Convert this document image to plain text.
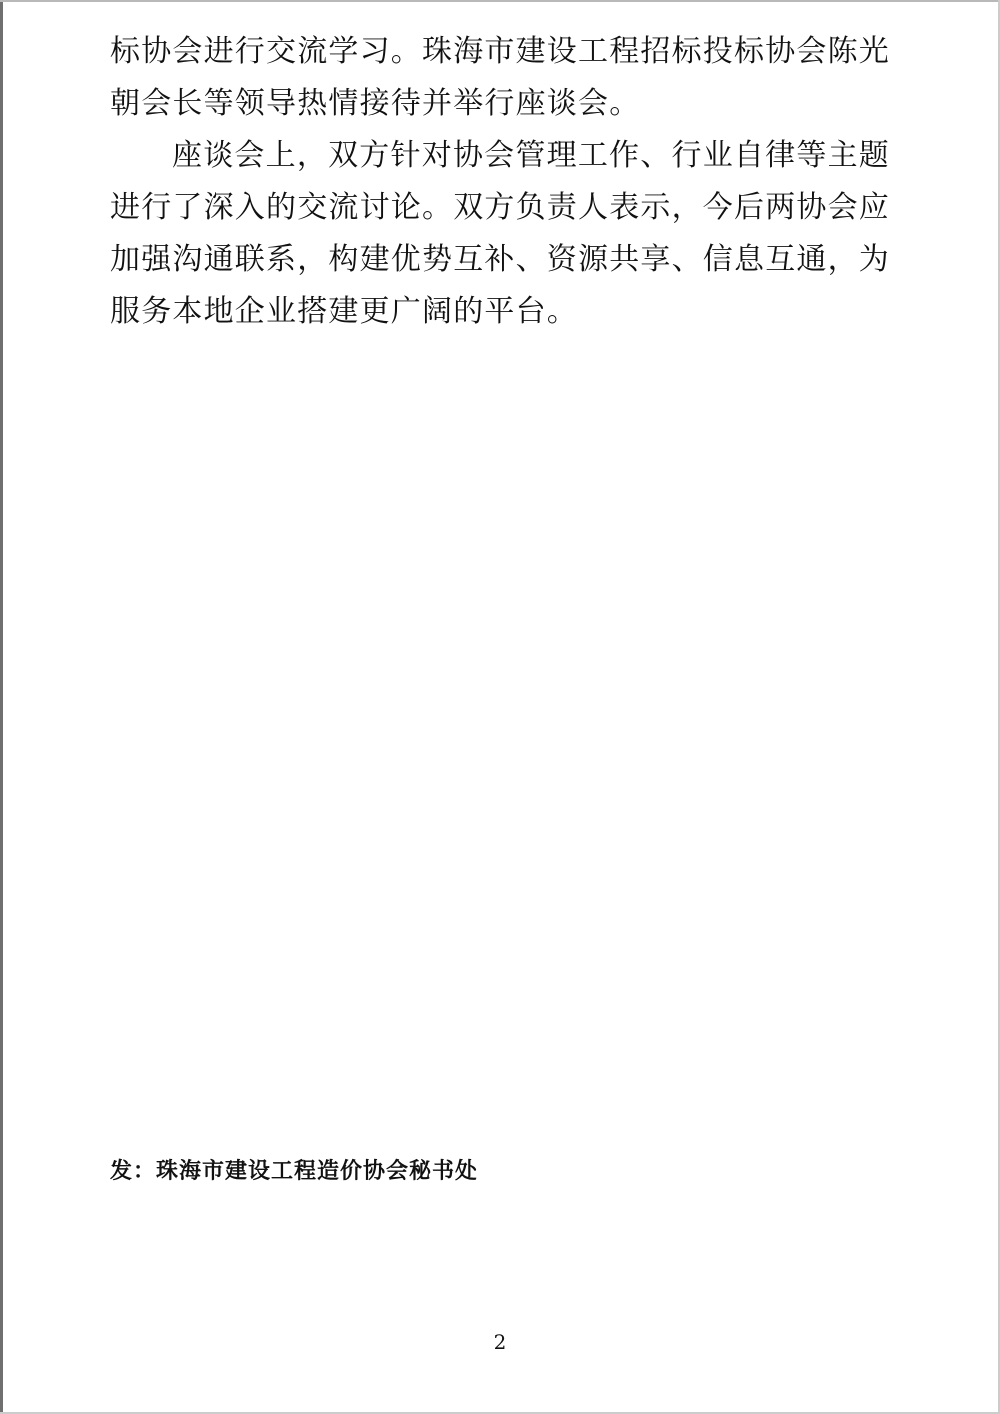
标协会进行交流学习。珠海市建设工程招标投标协会陈光朝会长等领导热情接待并举行座谈会。

座谈会上，双方针对协会管理工作、行业自律等主题进行了深入的交流讨论。双方负责人表示，今后两协会应加强沟通联系，构建优势互补、资源共享、信息互通，为服务本地企业搭建更广阔的平台。

发：珠海市建设工程造价协会秘书处
2
